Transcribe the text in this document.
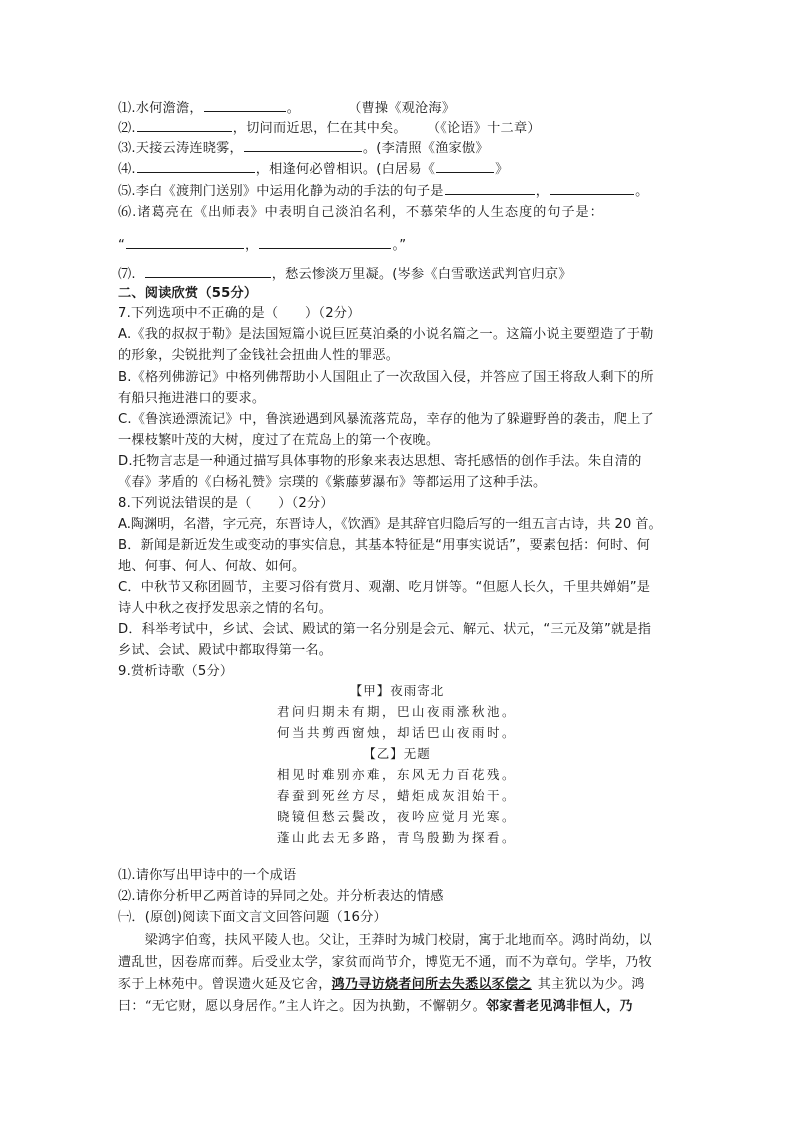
⑴.水何澹澹，	。	（曹操《观沧海》
⑵.	，切问而近思，仁在其中矣。 （《论语》十二章）
⑶.天接云涛连晓雾，	。(李清照《渔家傲》
⑷.	，相逢何必曾相识。(白居易《	》
⑸.李白《渡荆门送别》中运用化静为动的手法的句子是	，	。
⑹.诸葛亮在《出师表》中表明自己淡泊名利，不慕荣华的人生态度的句子是：
“	，	。”
⑺.	，愁云惨淡万里凝。(岑参《白雪歌送武判官归京》
二、阅读欣赏（55分）
7.下列选项中不正确的是（　　）（2分）
A.《我的叔叔于勒》是法国短篇小说巨匠莫泊桑的小说名篇之一。这篇小说主要塑造了于勒
的形象，尖锐批判了金钱社会扭曲人性的罪恶。
B.《格列佛游记》中格列佛帮助小人国阻止了一次敌国入侵，并答应了国王将敌人剩下的所
有船只拖进港口的要求。
C.《鲁滨逊漂流记》中，鲁滨逊遇到风暴流落荒岛，幸存的他为了躲避野兽的袭击，爬上了
一棵枝繁叶茂的大树，度过了在荒岛上的第一个夜晚。
D.托物言志是一种通过描写具体事物的形象来表达思想、寄托感悟的创作手法。朱自清的
《春》茅盾的《白杨礼赞》宗璞的《紫藤萝瀑布》等都运用了这种手法。
8.下列说法错误的是（　　）（2分）
A.陶渊明，名潜，字元亮，东晋诗人，《饮酒》是其辞官归隐后写的一组五言古诗，共 20 首。
B．新闻是新近发生或变动的事实信息，其基本特征是“用事实说话”，要素包括：何时、何
地、何事、何人、何故、如何。
C．中秋节又称团圆节，主要习俗有赏月、观潮、吃月饼等。“但愿人长久，千里共婵娟”是
诗人中秋之夜抒发思亲之情的名句。
D．科举考试中，乡试、会试、殿试的第一名分别是会元、解元、状元，“三元及第”就是指
乡试、会试、殿试中都取得第一名。
9.赏析诗歌（5分）
【甲】夜雨寄北
君问归期未有期，巴山夜雨涨秋池。
何当共剪西窗烛，却话巴山夜雨时。
【乙】无题
相见时难别亦难，东风无力百花残。
春蚕到死丝方尽，蜡炬成灰泪始干。
晓镜但愁云鬓改，夜吟应觉月光寒。
蓬山此去无多路，青鸟殷勤为探看。
⑴.请你写出甲诗中的一个成语
⑵.请你分析甲乙两首诗的异同之处。并分析表达的情感
㈠．(原创)阅读下面文言文回答问题（16分）
　　梁鸿字伯鸾，扶风平陵人也。父让，王莽时为城门校尉，寓于北地而卒。鸿时尚幼，以
遭乱世，因卷席而葬。后受业太学，家贫而尚节介，博览无不通，而不为章句。学毕，乃牧
豕于上林苑中。曾误遗火延及它舍，鸿乃寻访烧者问所去失悉以豕偿之 其主犹以为少。鸿
曰：“无它财，愿以身居作。”主人许之。因为执勤，不懈朝夕。邻家耆老见鸿非恒人，乃
